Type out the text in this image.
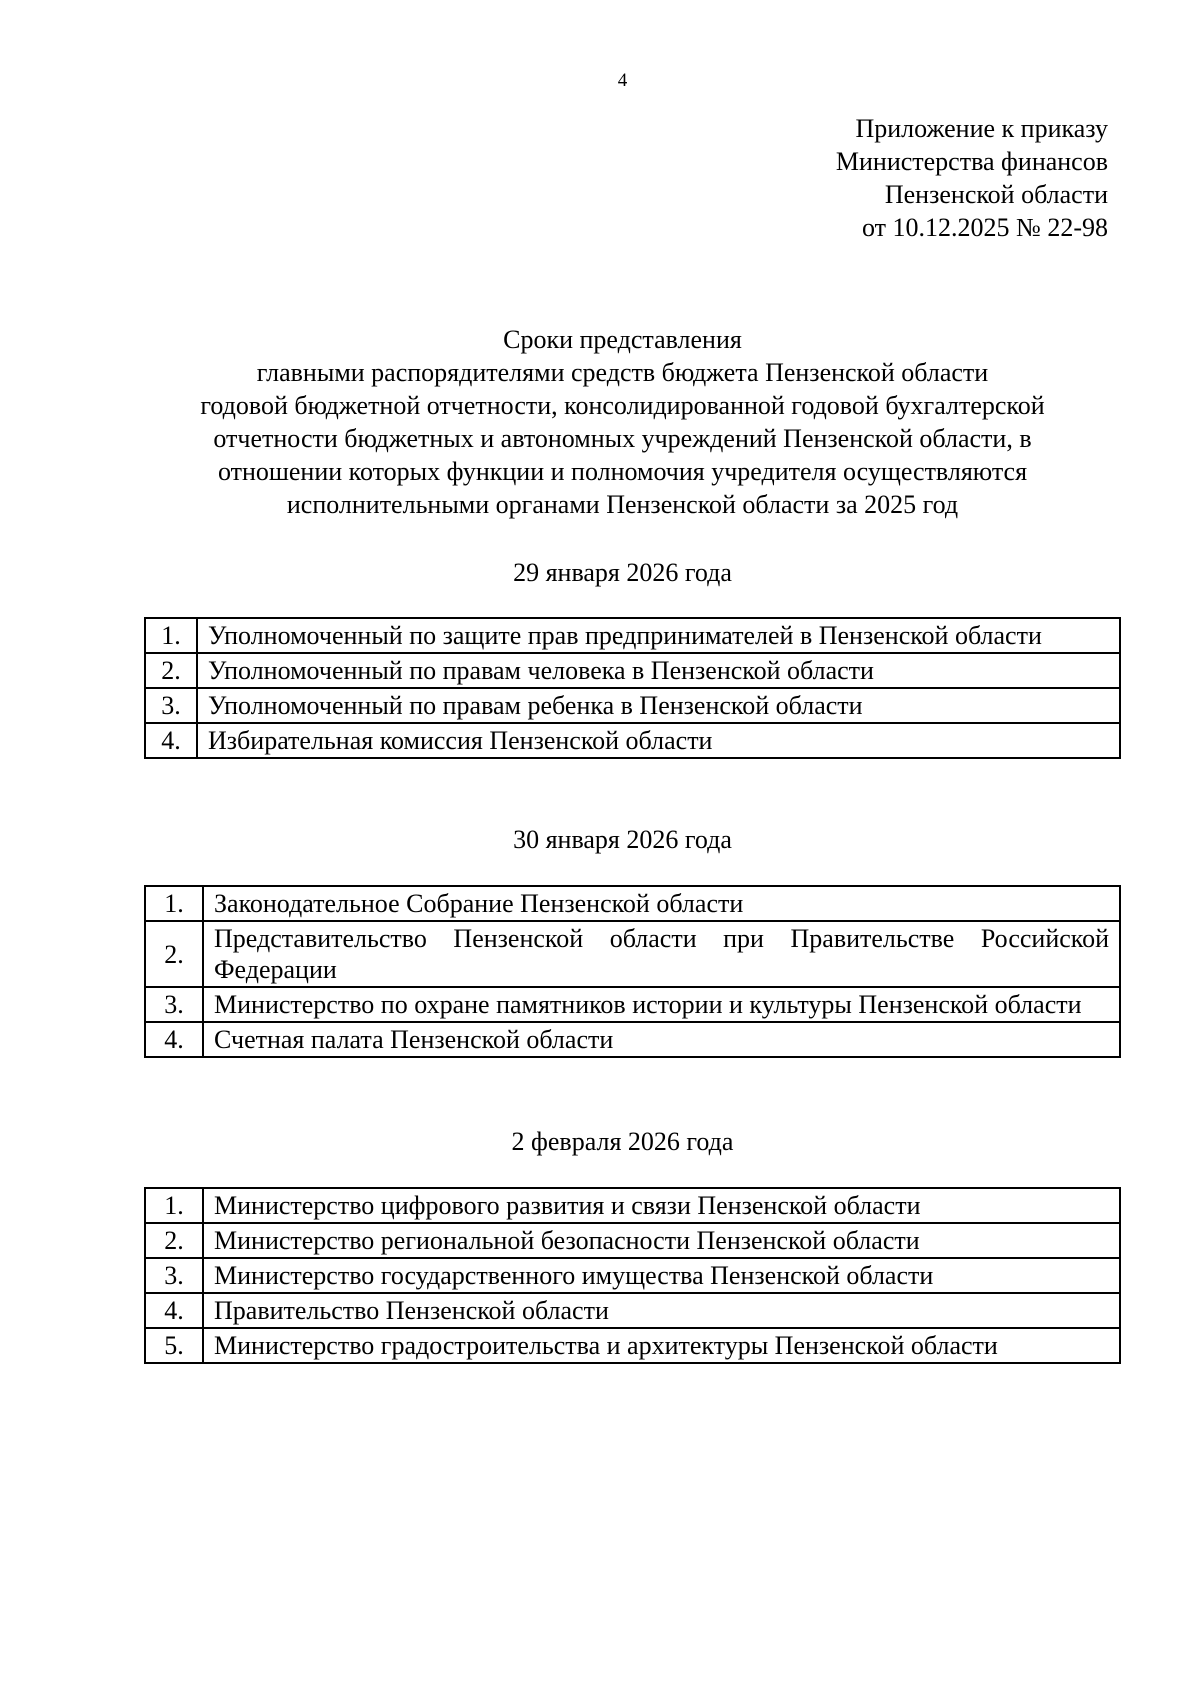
4
Приложение к приказу
Министерства финансов
Пензенской области
от 10.12.2025 № 22-98
Сроки представления
главными распорядителями средств бюджета Пензенской области
годовой бюджетной отчетности, консолидированной годовой бухгалтерской
отчетности бюджетных и автономных учреждений Пензенской области, в
отношении которых функции и полномочия учредителя осуществляются
исполнительными органами Пензенской области за 2025 год
29 января 2026 года
1.	Уполномоченный по защите прав предпринимателей в Пензенской области
2.	Уполномоченный по правам человека в Пензенской области
3.	Уполномоченный по правам ребенка в Пензенской области
4.	Избирательная комиссия Пензенской области
30 января 2026 года
1.	Законодательное Собрание Пензенской области
2.	Представительство Пензенской области при Правительстве Российской Федерации
3.	Министерство по охране памятников истории и культуры Пензенской области
4.	Счетная палата Пензенской области
2 февраля 2026 года
1.	Министерство цифрового развития и связи Пензенской области
2.	Министерство региональной безопасности Пензенской области
3.	Министерство государственного имущества Пензенской области
4.	Правительство Пензенской области
5.	Министерство градостроительства и архитектуры Пензенской области
